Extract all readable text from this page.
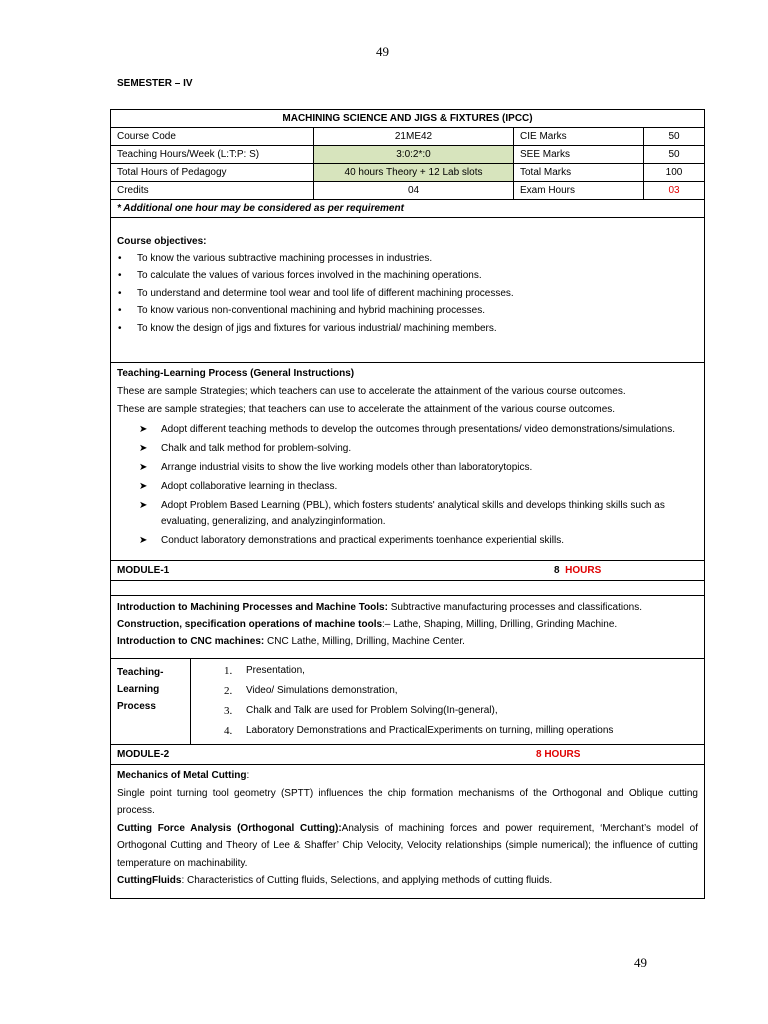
49
SEMESTER – IV
MACHINING SCIENCE AND JIGS & FIXTURES (IPCC)
Course Code	21ME42	CIE Marks	50
Teaching Hours/Week (L:T:P: S)	3:0:2*:0	SEE Marks	50
Total Hours of Pedagogy	40 hours Theory + 12 Lab slots	Total Marks	100
Credits	04	Exam Hours	03
* Additional one hour may be considered as per requirement
Course objectives:
• To know the various subtractive machining processes in industries.
• To calculate the values of various forces involved in the machining operations.
• To understand and determine tool wear and tool life of different machining processes.
• To know various non-conventional machining and hybrid machining processes.
• To know the design of jigs and fixtures for various industrial/ machining members.

Teaching-Learning Process (General Instructions)

These are sample Strategies; which teachers can use to accelerate the attainment of the various course outcomes.

These are sample strategies; that teachers can use to accelerate the attainment of the various course outcomes.

➤ Adopt different teaching methods to develop the outcomes through presentations/ video demonstrations/simulations.
➤ Chalk and talk method for problem-solving.
➤ Arrange industrial visits to show the live working models other than laboratorytopics.
➤ Adopt collaborative learning in theclass.
➤ Adopt Problem Based Learning (PBL), which fosters students' analytical skills and develops thinking skills such as evaluating, generalizing, and analyzinginformation.
➤ Conduct laboratory demonstrations and practical experiments toenhance experiential skills.
MODULE-1	8 HOURS
Introduction to Machining Processes and Machine Tools: Subtractive manufacturing processes and classifications.
Construction, specification operations of machine tools:– Lathe, Shaping, Milling, Drilling, Grinding Machine.
Introduction to CNC machines: CNC Lathe, Milling, Drilling, Machine Center.
Teaching-
Learning
Process
1. Presentation,
2. Video/ Simulations demonstration,
3. Chalk and Talk are used for Problem Solving(In-general),
4. Laboratory Demonstrations and PracticalExperiments on turning, milling operations
MODULE-2	8 HOURS
Mechanics of Metal Cutting:
Single point turning tool geometry (SPTT) influences the chip formation mechanisms of the Orthogonal and Oblique cutting process.
Cutting Force Analysis (Orthogonal Cutting):Analysis of machining forces and power requirement, ‘Merchant’s model of Orthogonal Cutting and Theory of Lee & Shaffer’ Chip Velocity, Velocity relationships (simple numerical); the influence of cutting temperature on machinability.
CuttingFluids: Characteristics of Cutting fluids, Selections, and applying methods of cutting fluids.
49
